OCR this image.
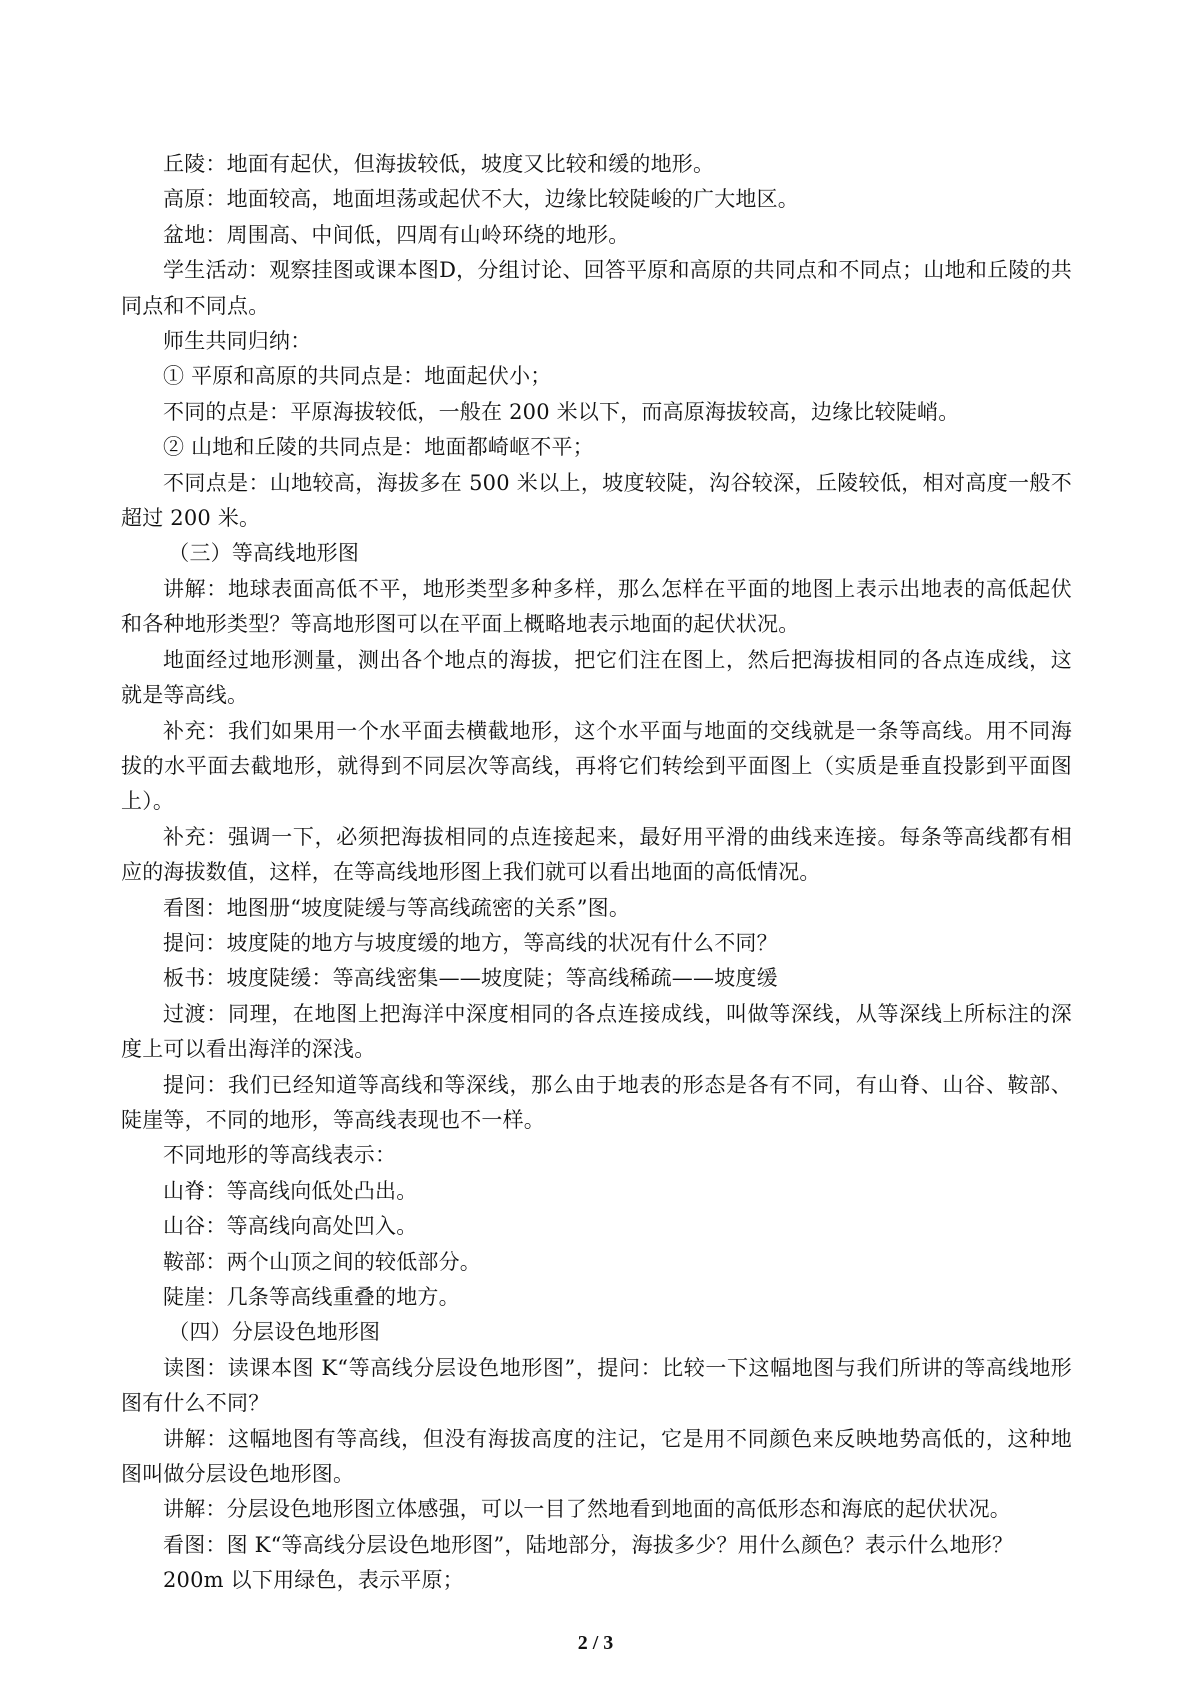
丘陵：地面有起伏，但海拔较低，坡度又比较和缓的地形。

高原：地面较高，地面坦荡或起伏不大，边缘比较陡峻的广大地区。

盆地：周围高、中间低，四周有山岭环绕的地形。

学生活动：观察挂图或课本图D，分组讨论、回答平原和高原的共同点和不同点；山地和丘陵的共同点和不同点。

师生共同归纳：

① 平原和高原的共同点是：地面起伏小；

不同的点是：平原海拔较低，一般在 200 米以下，而高原海拔较高，边缘比较陡峭。

② 山地和丘陵的共同点是：地面都崎岖不平；

不同点是：山地较高，海拔多在 500 米以上，坡度较陡，沟谷较深，丘陵较低，相对高度一般不超过 200 米。

（三）等高线地形图

讲解：地球表面高低不平，地形类型多种多样，那么怎样在平面的地图上表示出地表的高低起伏和各种地形类型？等高地形图可以在平面上概略地表示地面的起伏状况。

地面经过地形测量，测出各个地点的海拔，把它们注在图上，然后把海拔相同的各点连成线，这就是等高线。

补充：我们如果用一个水平面去横截地形，这个水平面与地面的交线就是一条等高线。用不同海拔的水平面去截地形，就得到不同层次等高线，再将它们转绘到平面图上（实质是垂直投影到平面图上）。

补充：强调一下，必须把海拔相同的点连接起来，最好用平滑的曲线来连接。每条等高线都有相应的海拔数值，这样，在等高线地形图上我们就可以看出地面的高低情况。

看图：地图册“坡度陡缓与等高线疏密的关系”图。

提问：坡度陡的地方与坡度缓的地方，等高线的状况有什么不同？

板书：坡度陡缓：等高线密集——坡度陡；等高线稀疏——坡度缓

过渡：同理，在地图上把海洋中深度相同的各点连接成线，叫做等深线，从等深线上所标注的深度上可以看出海洋的深浅。

提问：我们已经知道等高线和等深线，那么由于地表的形态是各有不同，有山脊、山谷、鞍部、陡崖等，不同的地形，等高线表现也不一样。

不同地形的等高线表示：

山脊：等高线向低处凸出。

山谷：等高线向高处凹入。

鞍部：两个山顶之间的较低部分。

陡崖：几条等高线重叠的地方。

（四）分层设色地形图

读图：读课本图 K“等高线分层设色地形图”，提问：比较一下这幅地图与我们所讲的等高线地形图有什么不同？

讲解：这幅地图有等高线，但没有海拔高度的注记，它是用不同颜色来反映地势高低的，这种地图叫做分层设色地形图。

讲解：分层设色地形图立体感强，可以一目了然地看到地面的高低形态和海底的起伏状况。

看图：图 K“等高线分层设色地形图”，陆地部分，海拔多少？用什么颜色？表示什么地形？

200m 以下用绿色，表示平原；

2 / 3
